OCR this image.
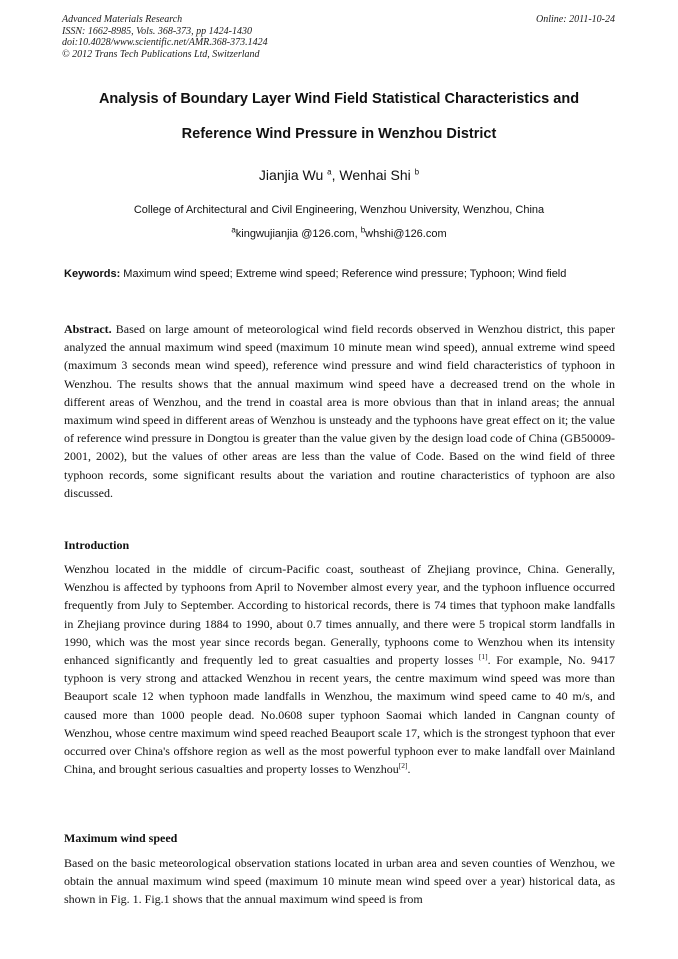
Advanced Materials Research
ISSN: 1662-8985, Vols. 368-373, pp 1424-1430
doi:10.4028/www.scientific.net/AMR.368-373.1424
© 2012 Trans Tech Publications Ltd, Switzerland
Online: 2011-10-24
Analysis of Boundary Layer Wind Field Statistical Characteristics and
Reference Wind Pressure in Wenzhou District
Jianjia Wu $^a$, Wenhai Shi $^b$
College of Architectural and Civil Engineering, Wenzhou University, Wenzhou, China
$^a$kingwujianjia @126.com, $^b$whshi@126.com
Keywords: Maximum wind speed; Extreme wind speed; Reference wind pressure; Typhoon; Wind field

Abstract. Based on large amount of meteorological wind field records observed in Wenzhou district, this paper analyzed the annual maximum wind speed (maximum 10 minute mean wind speed), annual extreme wind speed (maximum 3 seconds mean wind speed), reference wind pressure and wind field characteristics of typhoon in Wenzhou. The results shows that the annual maximum wind speed have a decreased trend on the whole in different areas of Wenzhou, and the trend in coastal area is more obvious than that in inland areas; the annual maximum wind speed in different areas of Wenzhou is unsteady and the typhoons have great effect on it; the value of reference wind pressure in Dongtou is greater than the value given by the design load code of China (GB50009-2001, 2002), but the values of other areas are less than the value of Code. Based on the wind field of three typhoon records, some significant results about the variation and routine characteristics of typhoon are also discussed.

Introduction

Wenzhou located in the middle of circum-Pacific coast, southeast of Zhejiang province, China. Generally, Wenzhou is affected by typhoons from April to November almost every year, and the typhoon influence occurred frequently from July to September. According to historical records, there is 74 times that typhoon make landfalls in Zhejiang province during 1884 to 1990, about 0.7 times annually, and there were 5 tropical storm landfalls in 1990, which was the most year since records began. Generally, typhoons come to Wenzhou when its intensity enhanced significantly and frequently led to great casualties and property losses [1]. For example, No. 9417 typhoon is very strong and attacked Wenzhou in recent years, the centre maximum wind speed was more than Beauport scale 12 when typhoon made landfalls in Wenzhou, the maximum wind speed came to 40 m/s, and caused more than 1000 people dead. No.0608 super typhoon Saomai which landed in Cangnan county of Wenzhou, whose centre maximum wind speed reached Beauport scale 17, which is the strongest typhoon that ever occurred over China's offshore region as well as the most powerful typhoon ever to make landfall over Mainland China, and brought serious casualties and property losses to Wenzhou[2].

Maximum wind speed

Based on the basic meteorological observation stations located in urban area and seven counties of Wenzhou, we obtain the annual maximum wind speed (maximum 10 minute mean wind speed over a year) historical data, as shown in Fig. 1. Fig.1 shows that the annual maximum wind speed is from
